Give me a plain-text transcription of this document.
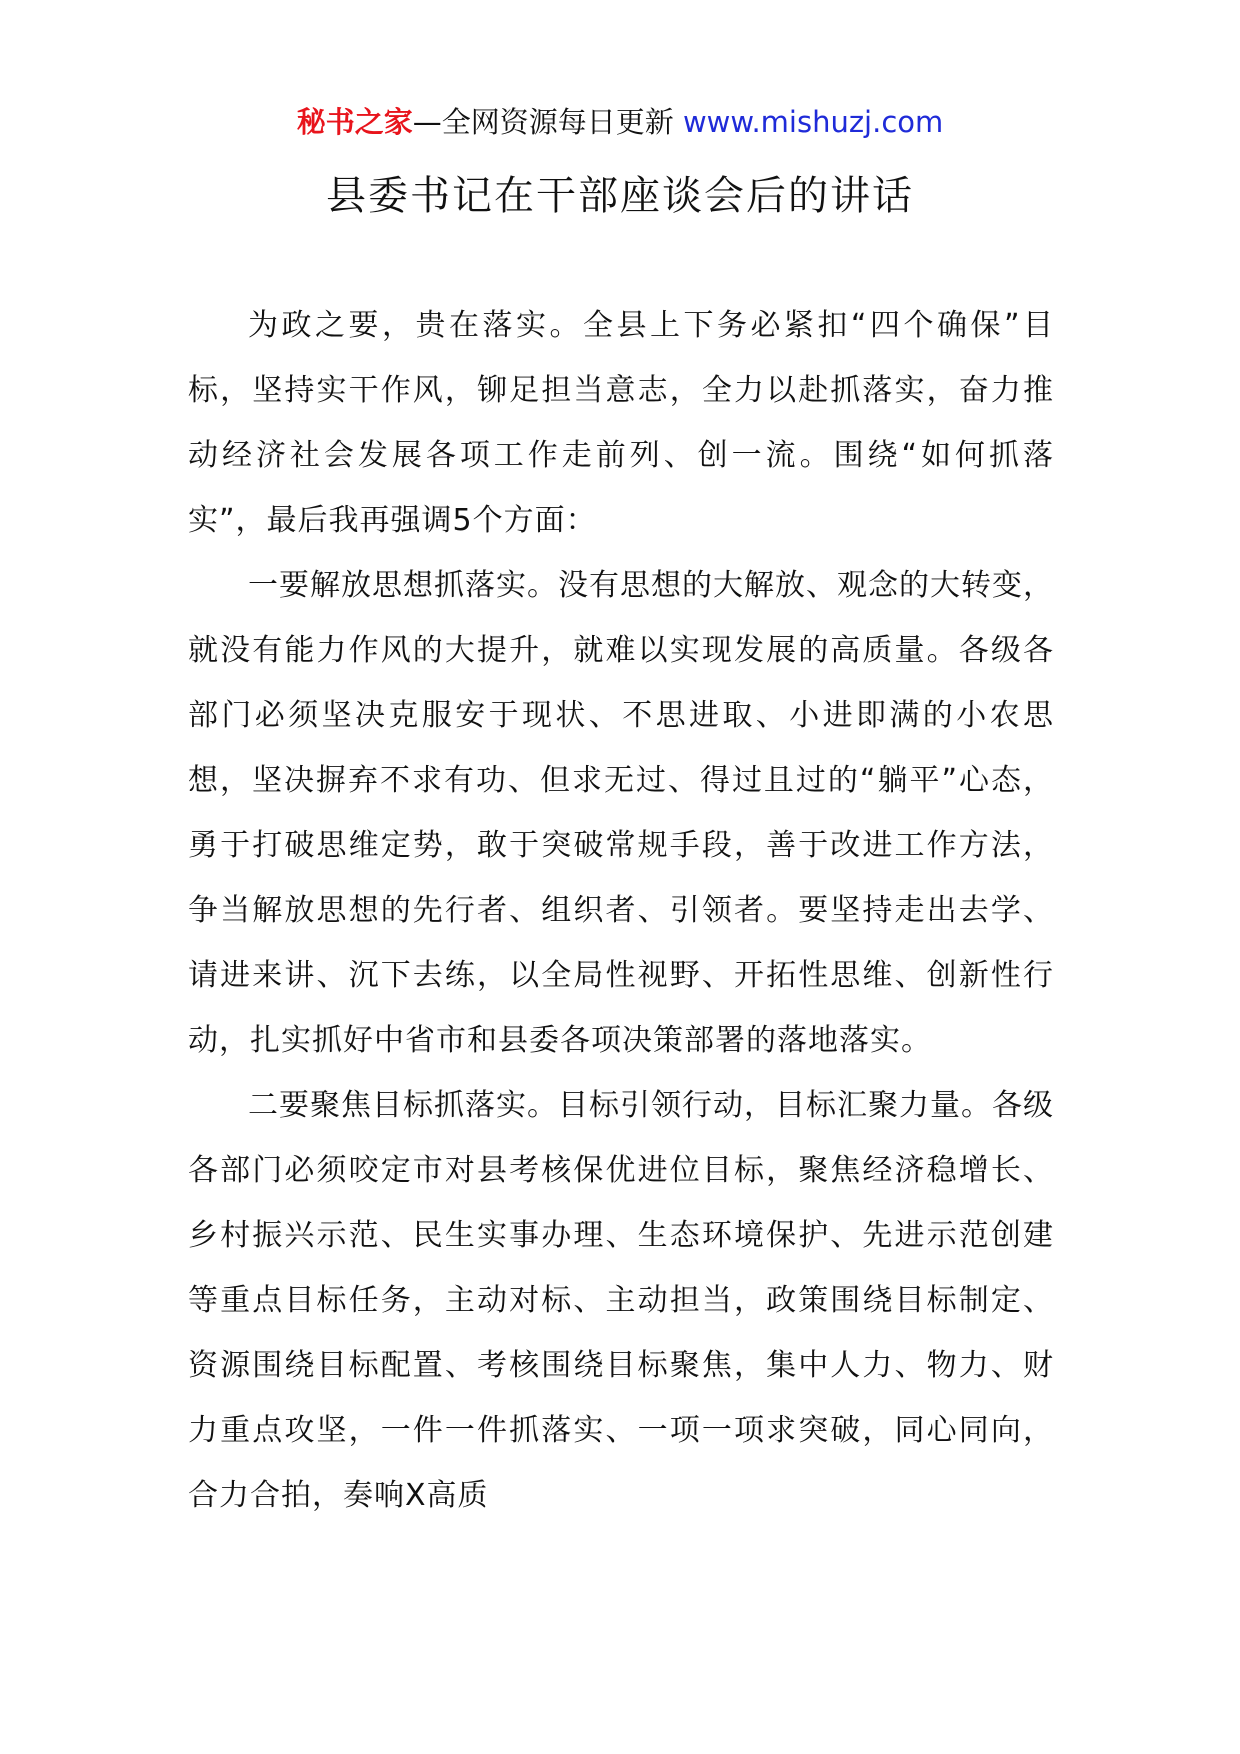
秘书之家—全网资源每日更新 www.mishuzj.com
县委书记在干部座谈会后的讲话

为政之要，贵在落实。全县上下务必紧扣“四个确保”目标，坚持实干作风，铆足担当意志，全力以赴抓落实，奋力推动经济社会发展各项工作走前列、创一流。围绕“如何抓落实”，最后我再强调5个方面：

一要解放思想抓落实。没有思想的大解放、观念的大转变，就没有能力作风的大提升，就难以实现发展的高质量。各级各部门必须坚决克服安于现状、不思进取、小进即满的小农思想，坚决摒弃不求有功、但求无过、得过且过的“躺平”心态，勇于打破思维定势，敢于突破常规手段，善于改进工作方法，争当解放思想的先行者、组织者、引领者。要坚持走出去学、请进来讲、沉下去练，以全局性视野、开拓性思维、创新性行动，扎实抓好中省市和县委各项决策部署的落地落实。

二要聚焦目标抓落实。目标引领行动，目标汇聚力量。各级各部门必须咬定市对县考核保优进位目标，聚焦经济稳增长、乡村振兴示范、民生实事办理、生态环境保护、先进示范创建等重点目标任务，主动对标、主动担当，政策围绕目标制定、资源围绕目标配置、考核围绕目标聚焦，集中人力、物力、财力重点攻坚，一件一件抓落实、一项一项求突破，同心同向，合力合拍，奏响X高质
